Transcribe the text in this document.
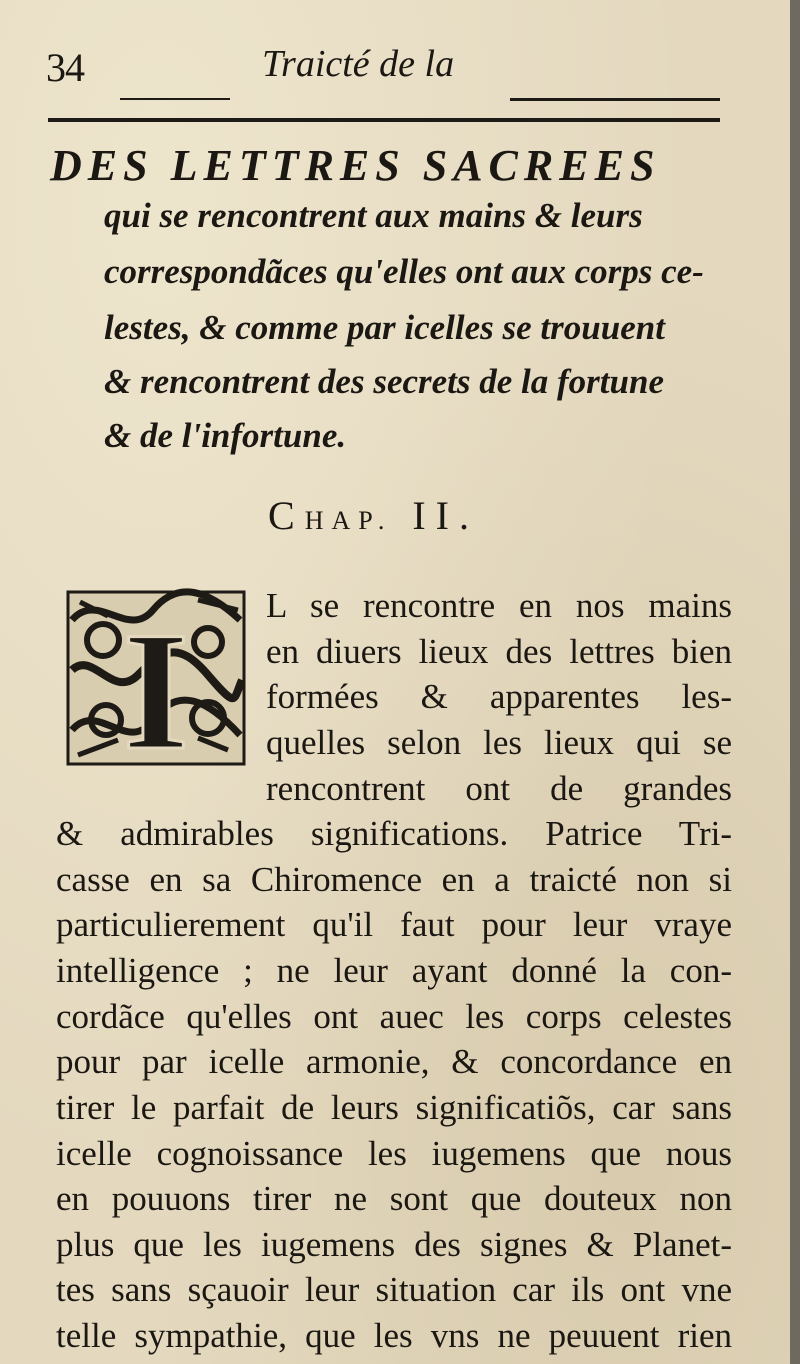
34	Traicté de la
DES LETTRES SACREES
qui se rencontrent aux mains & leurs
correspondãces qu'elles ont aux corps ce-
lestes, & comme par icelles se trouuent
& rencontrent des secrets de la fortune
& de l'infortune.
CHAP. II.
I L se rencontre en nos mains
en diuers lieux des lettres bien
formées & apparentes les-
quelles selon les lieux qui se
rencontrent ont de grandes
& admirables significations. Patrice Tri-
casse en sa Chiromence en a traicté non si
particulierement qu'il faut pour leur vraye
intelligence ; ne leur ayant donné la con-
cordãce qu'elles ont auec les corps celestes
pour par icelle armonie, & concordance en
tirer le parfait de leurs significatiõs, car sans
icelle cognoissance les iugemens que nous
en pouuons tirer ne sont que douteux non
plus que les iugemens des signes & Planet-
tes sans sçauoir leur situation car ils ont vne
telle sympathie, que les vns ne peuuent rien
